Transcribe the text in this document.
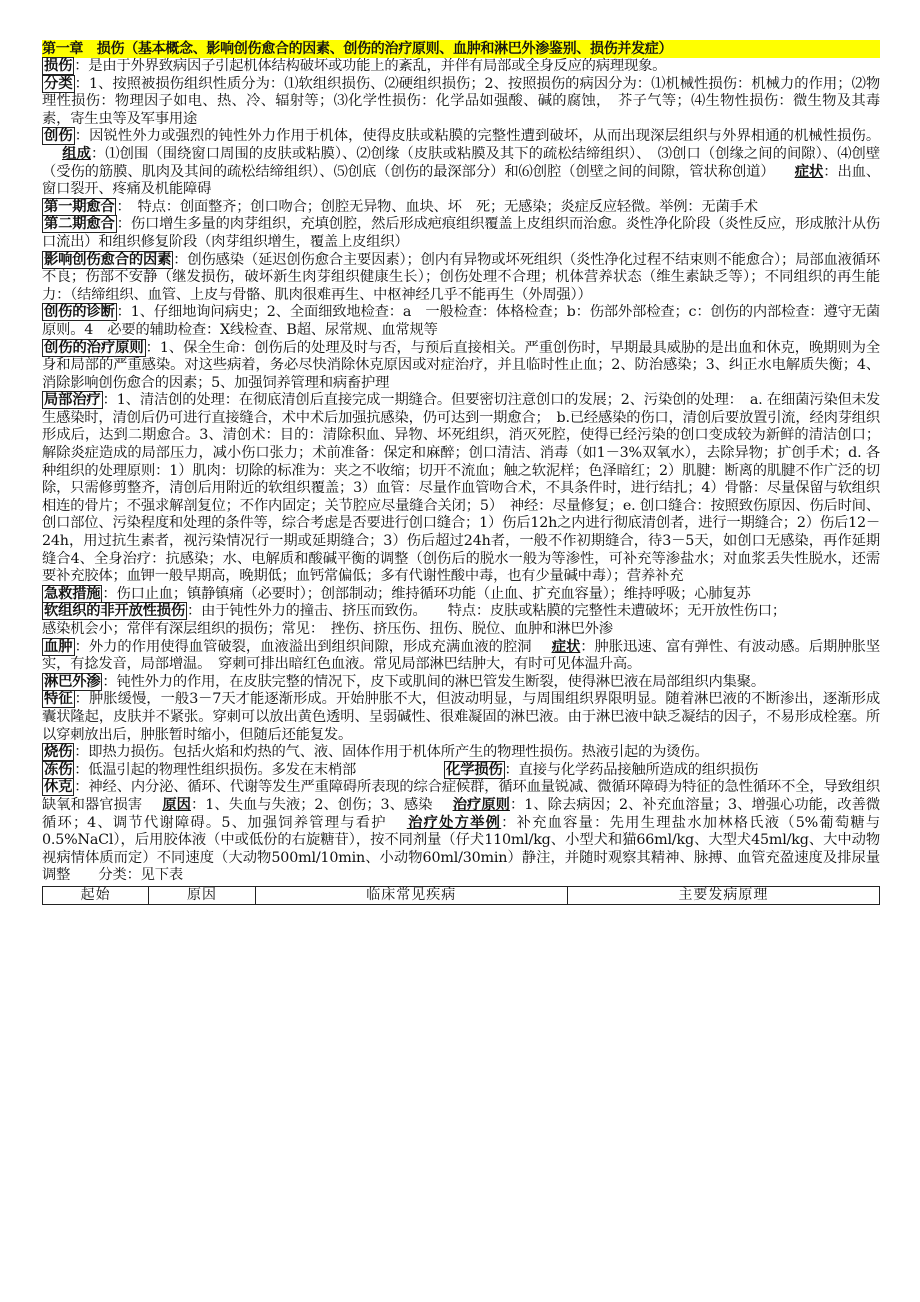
第一章　损伤（基本概念、影响创伤愈合的因素、创伤的治疗原则、血肿和淋巴外渗鉴别、损伤并发症）

损伤 ：是由于外界致病因子引起机体结构破坏或功能上的紊乱，并伴有局部或全身反应的病理现象。

分类 ：1、按照被损伤组织性质分为：⑴软组织损伤、⑵硬组织损伤；2、按照损伤的病因分为：⑴机械性损伤：机械力的作用；⑵物理性损伤：物理因子如电、热、冷、辐射等；⑶化学性损伤：化学品如强酸、碱的腐蚀，　芥子气等；⑷生物性损伤：微生物及其毒素，寄生虫等及军事用途

创伤 ：因锐性外力或强烈的钝性外力作用于机体，使得皮肤或粘膜的完整性遭到破坏，从而出现深层组织与外界相通的机械性损伤。组成：⑴创围（围绕窗口周围的皮肤或粘膜）、⑵创缘（皮肤或粘膜及其下的疏松结缔组织）、　⑶创口（创缘之间的间隙）、⑷创壁（受伤的筋膜、肌肉及其间的疏松结缔组织）、⑸创底（创伤的最深部分）和⑹创腔（创壁之间的间隙，管状称创道） 症状：出血、窗口裂开、疼痛及机能障碍

第一期愈合 ：　特点：创面整齐；创口吻合；创腔无异物、血块、坏　死；无感染；炎症反应轻微。举例：无菌手术

第二期愈合 ：伤口增生多量的肉芽组织，充填创腔，然后形成疤痕组织覆盖上皮组织而治愈。炎性净化阶段（炎性反应，形成脓汁从伤口流出）和组织修复阶段（肉芽组织增生，覆盖上皮组织）

影响创伤愈合的因素 ：创伤感染（延迟创伤愈合主要因素）；创内有异物或坏死组织（炎性净化过程不结束则不能愈合）；局部血液循环不良；伤部不安静（继发损伤，破坏新生肉芽组织健康生长）；创伤处理不合理；机体营养状态（维生素缺乏等）；不同组织的再生能力：（结缔组织、血管、上皮与骨骼、肌肉很难再生、中枢神经几乎不能再生（外周强））

创伤的诊断 ：1、仔细地询问病史；2、全面细致地检查：a　一般检查：体格检查；b：伤部外部检查；c：创伤的内部检查：遵守无菌原则。4　必要的辅助检查：X线检查、B超、尿常规、血常规等

创伤的治疗原则 ：1、保全生命：创伤后的处理及时与否，与预后直接相关。严重创伤时，早期最具威胁的是出血和休克，晚期则为全身和局部的严重感染。对这些病着，务必尽快消除休克原因或对症治疗，并且临时性止血；2、防治感染；3、纠正水电解质失衡；4、消除影响创伤愈合的因素；5、加强饲养管理和病畜护理

局部治疗 ：1、清洁创的处理：在彻底清创后直接完成一期缝合。但要密切注意创口的发展；2、污染创的处理：　a. 在细菌污染但未发生感染时，清创后仍可进行直接缝合，术中术后加强抗感染，仍可达到一期愈合；　b.已经感染的伤口，清创后要放置引流，经肉芽组织形成后，达到二期愈合。3、清创术：目的：清除积血、异物、坏死组织，消灭死腔，使得已经污染的创口变成较为新鲜的清洁创口；解除炎症造成的局部压力，减小伤口张力；术前准备：保定和麻醉；创口清洁、消毒（如1－3%双氧水），去除异物；扩创手术；d. 各种组织的处理原则：1）肌肉：切除的标准为：夹之不收缩；切开不流血；触之软泥样；色泽暗红；2）肌腱：断离的肌腱不作广泛的切除，只需修剪整齐，清创后用附近的软组织覆盖；3）血管：尽量作血管吻合术，不具条件时，进行结扎；4）骨骼：尽量保留与软组织相连的骨片；不强求解剖复位；不作内固定；关节腔应尽量缝合关闭；5）　神经：尽量修复；e. 创口缝合：按照致伤原因、伤后时间、创口部位、污染程度和处理的条件等，综合考虑是否要进行创口缝合；1）伤后12h之内进行彻底清创者，进行一期缝合；2）伤后12－24h，用过抗生素者，视污染情况行一期或延期缝合；3）伤后超过24h者，一般不作初期缝合，待3－5天，如创口无感染，再作延期缝合4、全身治疗：抗感染；水、电解质和酸碱平衡的调整（创伤后的脱水一般为等渗性，可补充等渗盐水；对血浆丢失性脱水，还需要补充胶体；血钾一般早期高，晚期低；血钙常偏低；多有代谢性酸中毒，也有少量碱中毒）；营养补充

急救措施 ：伤口止血；镇静镇痛（必要时）；创部制动；维持循环功能（止血、扩充血容量）；维持呼吸；心肺复苏

软组织的非开放性损伤 ：由于钝性外力的撞击、挤压而致伤。　　特点：皮肤或粘膜的完整性未遭破坏；无开放性伤口；

感染机会小；常伴有深层组织的损伤；常见：　挫伤、挤压伤、扭伤、脱位、血肿和淋巴外渗

血肿 ：外力的作用使得血管破裂，血液溢出到组织间隙，形成充满血液的腔洞 症状：肿胀迅速、富有弹性、有波动感。后期肿胀坚实，有捻发音，局部增温。　穿刺可排出暗红色血液。常见局部淋巴结肿大，有时可见体温升高。

淋巴外渗 ：钝性外力的作用，在皮肤完整的情况下，皮下或肌间的淋巴管发生断裂，使得淋巴液在局部组织内集聚。

特征 ：肿胀缓慢，一般3－7天才能逐渐形成。开始肿胀不大，但波动明显，与周围组织界限明显。随着淋巴液的不断渗出，逐渐形成囊状隆起，皮肤并不紧张。穿刺可以放出黄色透明、呈弱碱性、很难凝固的淋巴液。由于淋巴液中缺乏凝结的因子，不易形成栓塞。所以穿刺放出后，肿胀暂时缩小，但随后还能复发。

烧伤 ：即热力损伤。包括火焰和灼热的气、液、固体作用于机体所产生的物理性损伤。热液引起的为烫伤。

冻伤 ：低温引起的物理性组织损伤。多发在末梢部	化学损伤 ：直接与化学药品接触所造成的组织损伤

休克 ：神经、内分泌、循环、代谢等发生严重障碍所表现的综合症候群，循环血量锐减、微循环障碍为特征的急性循环不全，导致组织缺氧和器官损害 原因：1、失血与失液；2、创伤；3、感染 治疗原则：1、除去病因；2、补充血溶量；3、增强心功能，改善微循环；4、调节代谢障碍。5、加强饲养管理与看护 治疗处方举例：补充血容量：先用生理盐水加林格氏液（5%葡萄糖与0.5%NaCl），后用胶体液（中或低份的右旋糖苷），按不同剂量（仔犬110ml/kg、小型犬和猫66ml/kg、大型犬45ml/kg、大中动物视病情体质而定）不同速度（大动物500ml/10min、小动物60ml/30min）静注，并随时观察其精神、脉搏、血管充盈速度及排尿量调整　　分类：见下表

起始	原因	临床常见疾病	主要发病原理
